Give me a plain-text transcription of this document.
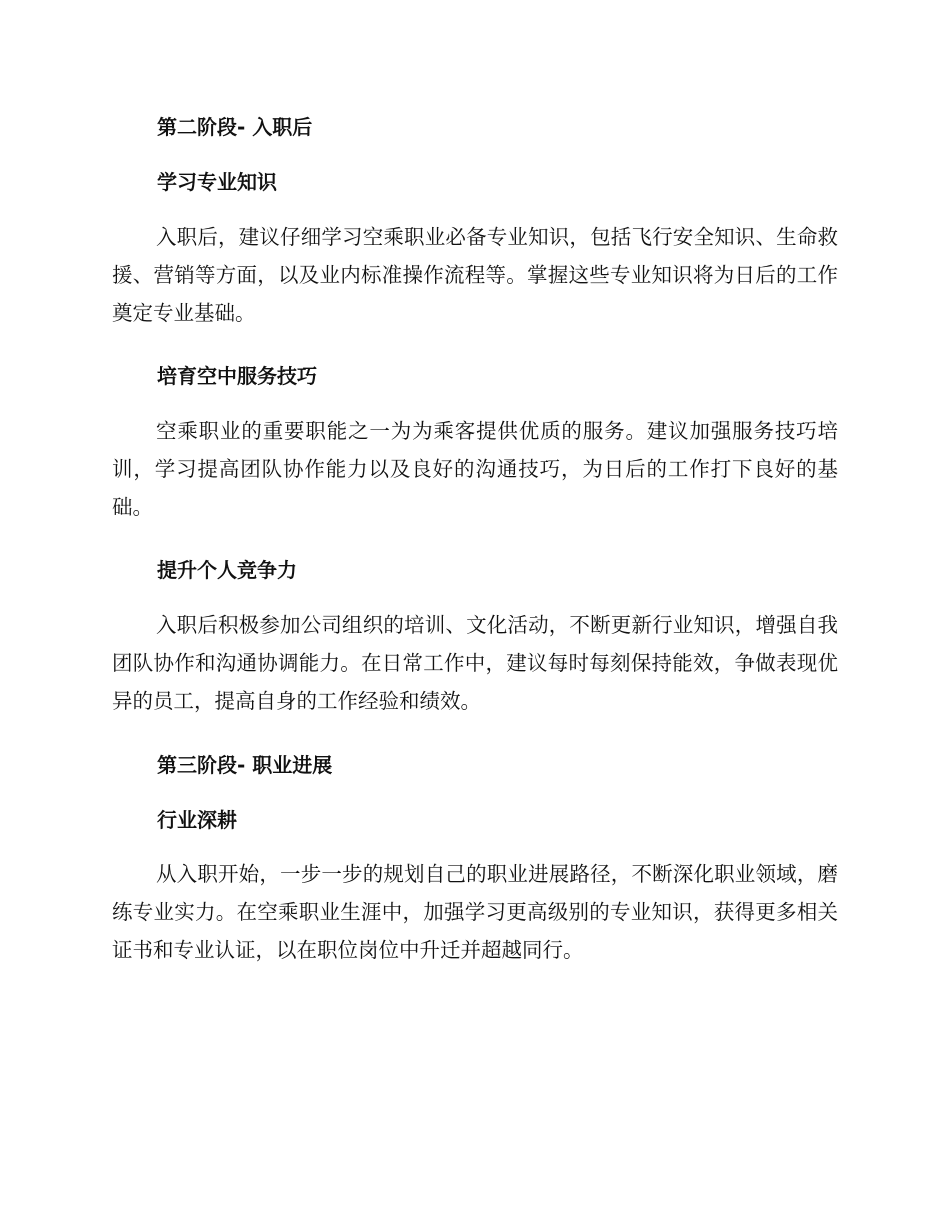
第二阶段- 入职后
学习专业知识

入职后，建议仔细学习空乘职业必备专业知识，包括飞行安全知识、生命救援、营销等方面，以及业内标准操作流程等。掌握这些专业知识将为日后的工作奠定专业基础。

培育空中服务技巧

空乘职业的重要职能之一为为乘客提供优质的服务。建议加强服务技巧培训，学习提高团队协作能力以及良好的沟通技巧，为日后的工作打下良好的基础。

提升个人竞争力

入职后积极参加公司组织的培训、文化活动，不断更新行业知识，增强自我团队协作和沟通协调能力。在日常工作中，建议每时每刻保持能效，争做表现优异的员工，提高自身的工作经验和绩效。

第三阶段- 职业进展
行业深耕

从入职开始，一步一步的规划自己的职业进展路径，不断深化职业领域，磨练专业实力。在空乘职业生涯中，加强学习更高级别的专业知识，获得更多相关证书和专业认证，以在职位岗位中升迁并超越同行。
